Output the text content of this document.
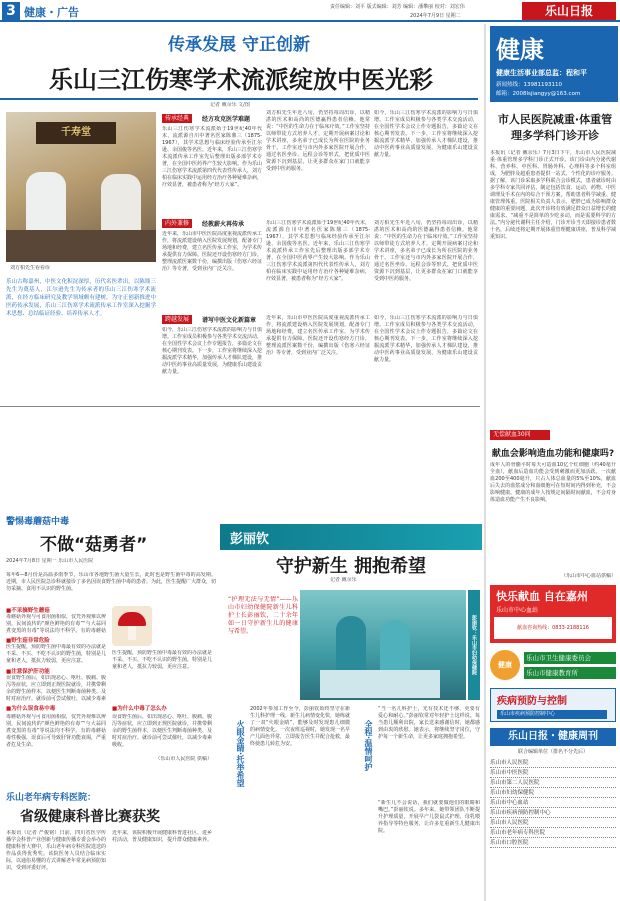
3 健康・广告	责任编辑：刘平 版式编辑：刘芳 编辑：潘攀丽 校对：刘宏伟
2024年7月9日 星期二	乐山日报
传承发展 守正创新
乐山三江伤寒学术流派绽放中医光彩
记者 戴余乐 文/图
千寿堂
刘方柏先生看看诊
乐山古称嘉州，中医文化积淀深厚，历代名医辈出。以陈鼎三先生为奠基人，江尔逊先生为传承者的乐山三江伤寒学术流派，在经方临床研究及教学领域颇有建树。为守正创新推进中医药传承发展，乐山三江伤寒学术流派传承工作室深入挖掘学术思想、总结临证经验、培养传承人才。
传承经典	经方攻克医学难题
乐山三江伤寒学术流派始于19世纪40年代末，流派源自川中著名医家陈鼎三（1875-1967），其学术思想与临床经验传承至江尔逊、余国俊等名医。近年来，乐山三江伤寒学术流派传承工作室先后整理出版多部学术专著，在全国中医药界产生较大影响。作为乐山三江伤寒学术流派第四代代表性传承人，刘方柏在临床实践中运用经方治疗各种疑难杂病，疗效显著，被患者称为“经方大家”。
刘方柏先生年近八旬，仍坚持每周出诊，以精湛的医术和高尚的医德赢得患者信赖。他常说：“中医的生命力在于临床疗效。”工作室坚持以师带徒方式培养人才，定期开展病案讨论和学术讲座，多名弟子已成长为所在医院的业务骨干。工作室还与市内外多家医院开展合作，通过名医坐诊、远程会诊等形式，把优质中医资源下沉到基层，让更多群众在家门口就能享受到中医药服务。
如今，乐山三江伤寒学术流派的影响力与日俱增。工作室成员积极参与各类学术交流活动，在全国性学术会议上作专题报告，多篇论文在核心期刊发表。下一步，工作室将继续深入挖掘流派学术精华，加强传承人才梯队建设，推动中医药事业高质量发展，为健康乐山建设贡献力量。
内外兼修	经教薪火再传承
近年来，乐山市中医医院高度重视流派传承工作，将流派建设纳入医院发展规划，配备专门场地和经费，建立名医传承工作室，为学术传承提供有力保障。医院还开设伤寒经方门诊，整理流派医案数千份，编撰出版《伤寒六经证治》等专著，受到业内广泛关注。
乐山三江伤寒学术流派始于19世纪40年代末，流派源自川中著名医家陈鼎三（1875-1967），其学术思想与临床经验传承至江尔逊、余国俊等名医。近年来，乐山三江伤寒学术流派传承工作室先后整理出版多部学术专著，在全国中医药界产生较大影响。作为乐山三江伤寒学术流派第四代代表性传承人，刘方柏在临床实践中运用经方治疗各种疑难杂病，疗效显著，被患者称为“经方大家”。
刘方柏先生年近八旬，仍坚持每周出诊，以精湛的医术和高尚的医德赢得患者信赖。他常说：“中医的生命力在于临床疗效。”工作室坚持以师带徒方式培养人才，定期开展病案讨论和学术讲座，多名弟子已成长为所在医院的业务骨干。工作室还与市内外多家医院开展合作，通过名医坐诊、远程会诊等形式，把优质中医资源下沉到基层，让更多群众在家门口就能享受到中医药服务。
跨越发展	谱写中医文化新篇章
如今，乐山三江伤寒学术流派的影响力与日俱增。工作室成员积极参与各类学术交流活动，在全国性学术会议上作专题报告，多篇论文在核心期刊发表。下一步，工作室将继续深入挖掘流派学术精华，加强传承人才梯队建设，推动中医药事业高质量发展，为健康乐山建设贡献力量。
近年来，乐山市中医医院高度重视流派传承工作，将流派建设纳入医院发展规划，配备专门场地和经费，建立名医传承工作室，为学术传承提供有力保障。医院还开设伤寒经方门诊，整理流派医案数千份，编撰出版《伤寒六经证治》等专著，受到业内广泛关注。
如今，乐山三江伤寒学术流派的影响力与日俱增。工作室成员积极参与各类学术交流活动，在全国性学术会议上作专题报告，多篇论文在核心期刊发表。下一步，工作室将继续深入挖掘流派学术精华，加强传承人才梯队建设，推动中医药事业高质量发展，为健康乐山建设贡献力量。
健康
健康生活事业部总监：程和平
新闻热线：13981193110
邮箱：2008lsjiangyy@163.com
市人民医院减重·体重管理多学科门诊开诊
本报讯（记者 戴余乐）7月3日下午，乐山市人民医院减重·体重管理多学科门诊正式开诊。该门诊由内分泌代谢科、营养科、中医科、胃肠外科、心理科等多个科室组成，为肥胖及超重患者提供一站式、个性化的诊疗服务。据了解，该门诊采取多学科联合会诊模式，患者就诊时由多学科专家共同评估，制定包括饮食、运动、药物、中医调理及手术在内的综合干预方案，帮助患者科学减重、健康管理体重。医院相关负责人表示，肥胖已成为影响群众健康的重要问题，此次开诊将有效满足群众日益增长的健康需求。“减重不是简单的少吃多动，而是需要科学的方法。”内分泌代谢科主任介绍，门诊开诊当天即接诊患者数十名，后续还将定期开展体重管理健康讲座，普及科学减重知识。
无偿献血30问
献血会影响造血功能和健康吗?
成年人的骨髓平时每天可造血10亿个红细胞（约40毫升全血），献血后造血功能会受到刺激而更加活跃。一次献血200至400毫升，只占人体总血量的5%至10%，献血后失去的血浆成分和血细胞可在短时间内得到补充，不会影响健康。健康的成年人按规定间隔时间献血，不会对身体造血功能产生不良影响。
（乐山市中心血站供稿）
快乐献血 自在嘉州
乐山市中心血站
献血咨询热线：0833-2188116
健康
乐山市卫生健康委员会
乐山市健康教育所
疾病预防与控制
乐山市疾病预防控制中心
乐山日报・健康周刊
联合编辑单位（排名不分先后）
乐山市人民医院
乐山市中医医院
乐山市第二人民医院
乐山市妇幼保健院
乐山市中心血站
乐山市疾病预防控制中心
乐山市人民医院
乐山市老年病专科医院
乐山市口腔医院
警惕毒蘑菇中毒
不做“菇勇者”
2024年7月8日 星期一 乐山市人民医院
每年6—8月份是高温多雨季节，乐山市各地野生菌大量生长，此时也是野生菌中毒的高发期。近期，市人民医院急诊科就接诊了多名因误食野生菌中毒的患者。为此，医生提醒广大群众，切勿采摘、食用不认识的野生菌。
■不采摘野生蘑菇
毒蘑菇外观与可食用菌相似，仅凭外观难以辨别，民间流传的“颜色鲜艳的有毒”“与大蒜同煮变黑的有毒”等说法均不科学。有的毒蘑菇
■野生菇非常危险
医生提醒，预防野生菌中毒最有效的办法就是不采、不买、不吃不认识的野生菌，特别是儿童和老人，抵抗力较弱，更应注意。
■注意保护肝功能
误食野生菌后，如出现恶心、呕吐、腹痛、腹泻等症状，应立即到正规医院就诊，并携带剩余的野生菌样本，以便医生判断毒菌种类、及时对症治疗。就诊前可尝试催吐，以减少毒素
■为什么误食易中毒
医生提醒，预防野生菌中毒最有效的办法就是不采、不买、不吃不认识的野生菌，特别是儿童和老人，抵抗力较弱，更应注意。
■为什么中毒了怎么办
毒蘑菇外观与可食用菌相似，仅凭外观难以辨别，民间流传的“颜色鲜艳的有毒”“与大蒜同煮变黑的有毒”等说法均不科学。有的毒蘑菇毒性极强，误食后可导致肝肾功能衰竭，严重者危及生命。
误食野生菌后，如出现恶心、呕吐、腹痛、腹泻等症状，应立即到正规医院就诊，并携带剩余的野生菌样本，以便医生判断毒菌种类、及时对症治疗。就诊前可尝试催吐，以减少毒素吸收。
（乐山市人民医院 供稿）
乐山老年病专科医院：
省级健康科普比赛获奖
本报讯（记者 严俊铭）日前，四川省医学传播学会科普产业创新与健康传播专委会举办的健康科普大赛中，乐山老年病专科医院选送的作品获得优秀奖。该院医务人员结合临床实际，以通俗易懂的方式讲解老年常见病预防知识，受到评委好评。
近年来，该院积极开展健康科普进社区、进乡村活动，普及健康知识，提升群众健康素养。
彭丽钦
守护新生 拥抱希望
记者 戴余乐
“护理无法与无情”——乐山市妇幼保健院新生儿科护士长彭丽钦，二十余年如一日守护新生儿的健康与希望。	彭丽钦：乐山市妇幼保健院
火眼金睛·托举希望
2002年参加工作至今，彭丽钦始终坚守在新生儿科护理一线。新生儿病情变化快，她练就了一双“火眼金睛”，能够及时发现患儿细微的病情变化。一次夜班巡视时，她发现一名早产儿面色异常，立即报告医生并配合抢救，最终使患儿转危为安。	全程·温情呵护
“当一名儿科护士，光有技术还不够，更要有爱心和耐心。”彭丽钦常对年轻护士这样说。每当患儿顺利出院，家长送来感谢信时，她都感到由衷的欣慰。她表示，将继续坚守岗位，守护每一个新生命，让更多家庭拥抱希望。
“新生儿不会说话，我们就要做他们的眼睛和嘴巴。”彭丽钦说。多年来，她带领团队不断提升护理质量，开展早产儿袋鼠式护理、母乳喂养指导等特色服务，让许多危重新生儿健康出院。
